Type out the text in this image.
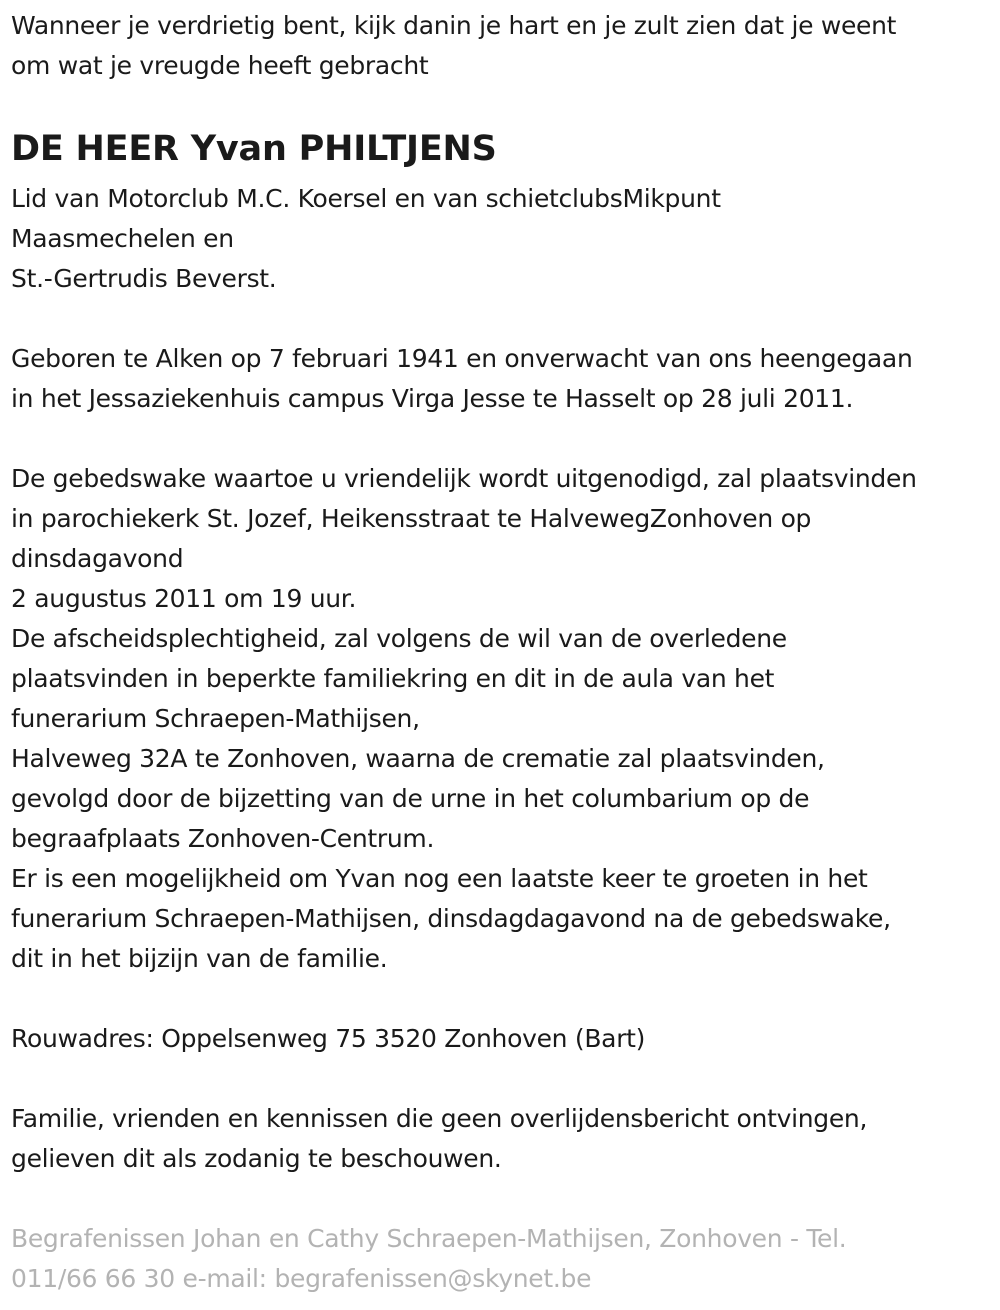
Wanneer je verdrietig bent, kijk danin je hart en je zult zien dat je weent
om wat je vreugde heeft gebracht
DE HEER Yvan PHILTJENS
Lid van Motorclub M.C. Koersel en van schietclubsMikpunt
Maasmechelen en
St.-Gertrudis Beverst.
Geboren te Alken op 7 februari 1941 en onverwacht van ons heengegaan
in het Jessaziekenhuis campus Virga Jesse te Hasselt op 28 juli 2011.
De gebedswake waartoe u vriendelijk wordt uitgenodigd, zal plaatsvinden
in parochiekerk St. Jozef, Heikensstraat te HalvewegZonhoven op
dinsdagavond
2 augustus 2011 om 19 uur.
De afscheidsplechtigheid, zal volgens de wil van de overledene
plaatsvinden in beperkte familiekring en dit in de aula van het
funerarium Schraepen-Mathijsen,
Halveweg 32A te Zonhoven, waarna de crematie zal plaatsvinden,
gevolgd door de bijzetting van de urne in het columbarium op de
begraafplaats Zonhoven-Centrum.
Er is een mogelijkheid om Yvan nog een laatste keer te groeten in het
funerarium Schraepen-Mathijsen, dinsdagdagavond na de gebedswake,
dit in het bijzijn van de familie.
Rouwadres: Oppelsenweg 75 3520 Zonhoven (Bart)
Familie, vrienden en kennissen die geen overlijdensbericht ontvingen,
gelieven dit als zodanig te beschouwen.
Begrafenissen Johan en Cathy Schraepen-Mathijsen, Zonhoven - Tel.
011/66 66 30 e-mail: begrafenissen@skynet.be
